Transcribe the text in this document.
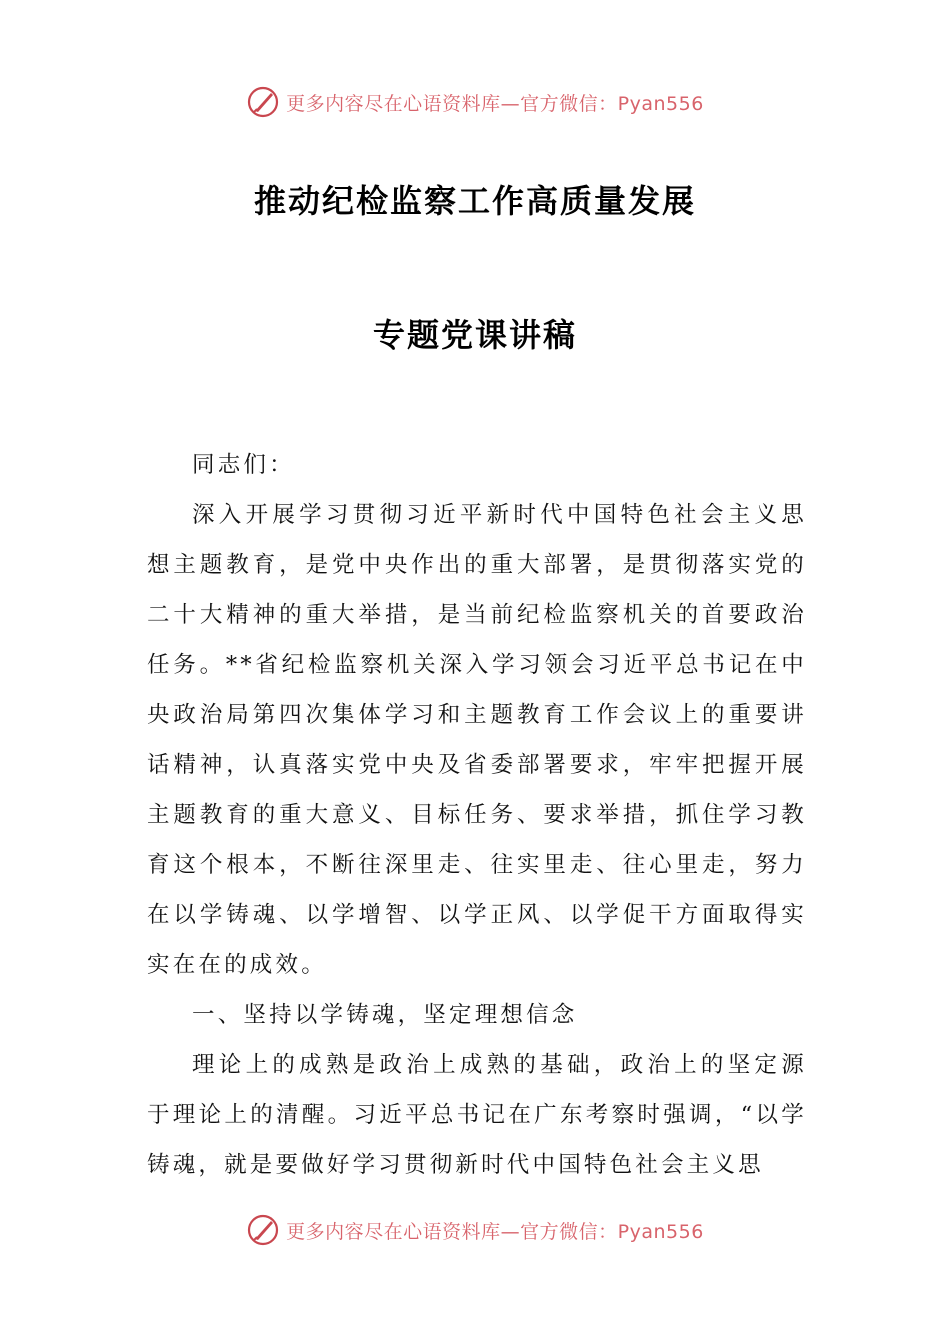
更多内容尽在心语资料库—官方微信：Pyan556
推动纪检监察工作高质量发展
专题党课讲稿

同志们：

深入开展学习贯彻习近平新时代中国特色社会主义思想主题教育，是党中央作出的重大部署，是贯彻落实党的二十大精神的重大举措，是当前纪检监察机关的首要政治任务。**省纪检监察机关深入学习领会习近平总书记在中央政治局第四次集体学习和主题教育工作会议上的重要讲话精神，认真落实党中央及省委部署要求，牢牢把握开展主题教育的重大意义、目标任务、要求举措，抓住学习教育这个根本，不断往深里走、往实里走、往心里走，努力在以学铸魂、以学增智、以学正风、以学促干方面取得实实在在的成效。

一、坚持以学铸魂，坚定理想信念

理论上的成熟是政治上成熟的基础，政治上的坚定源于理论上的清醒。习近平总书记在广东考察时强调，“以学铸魂，就是要做好学习贯彻新时代中国特色社会主义思

更多内容尽在心语资料库—官方微信：Pyan556
